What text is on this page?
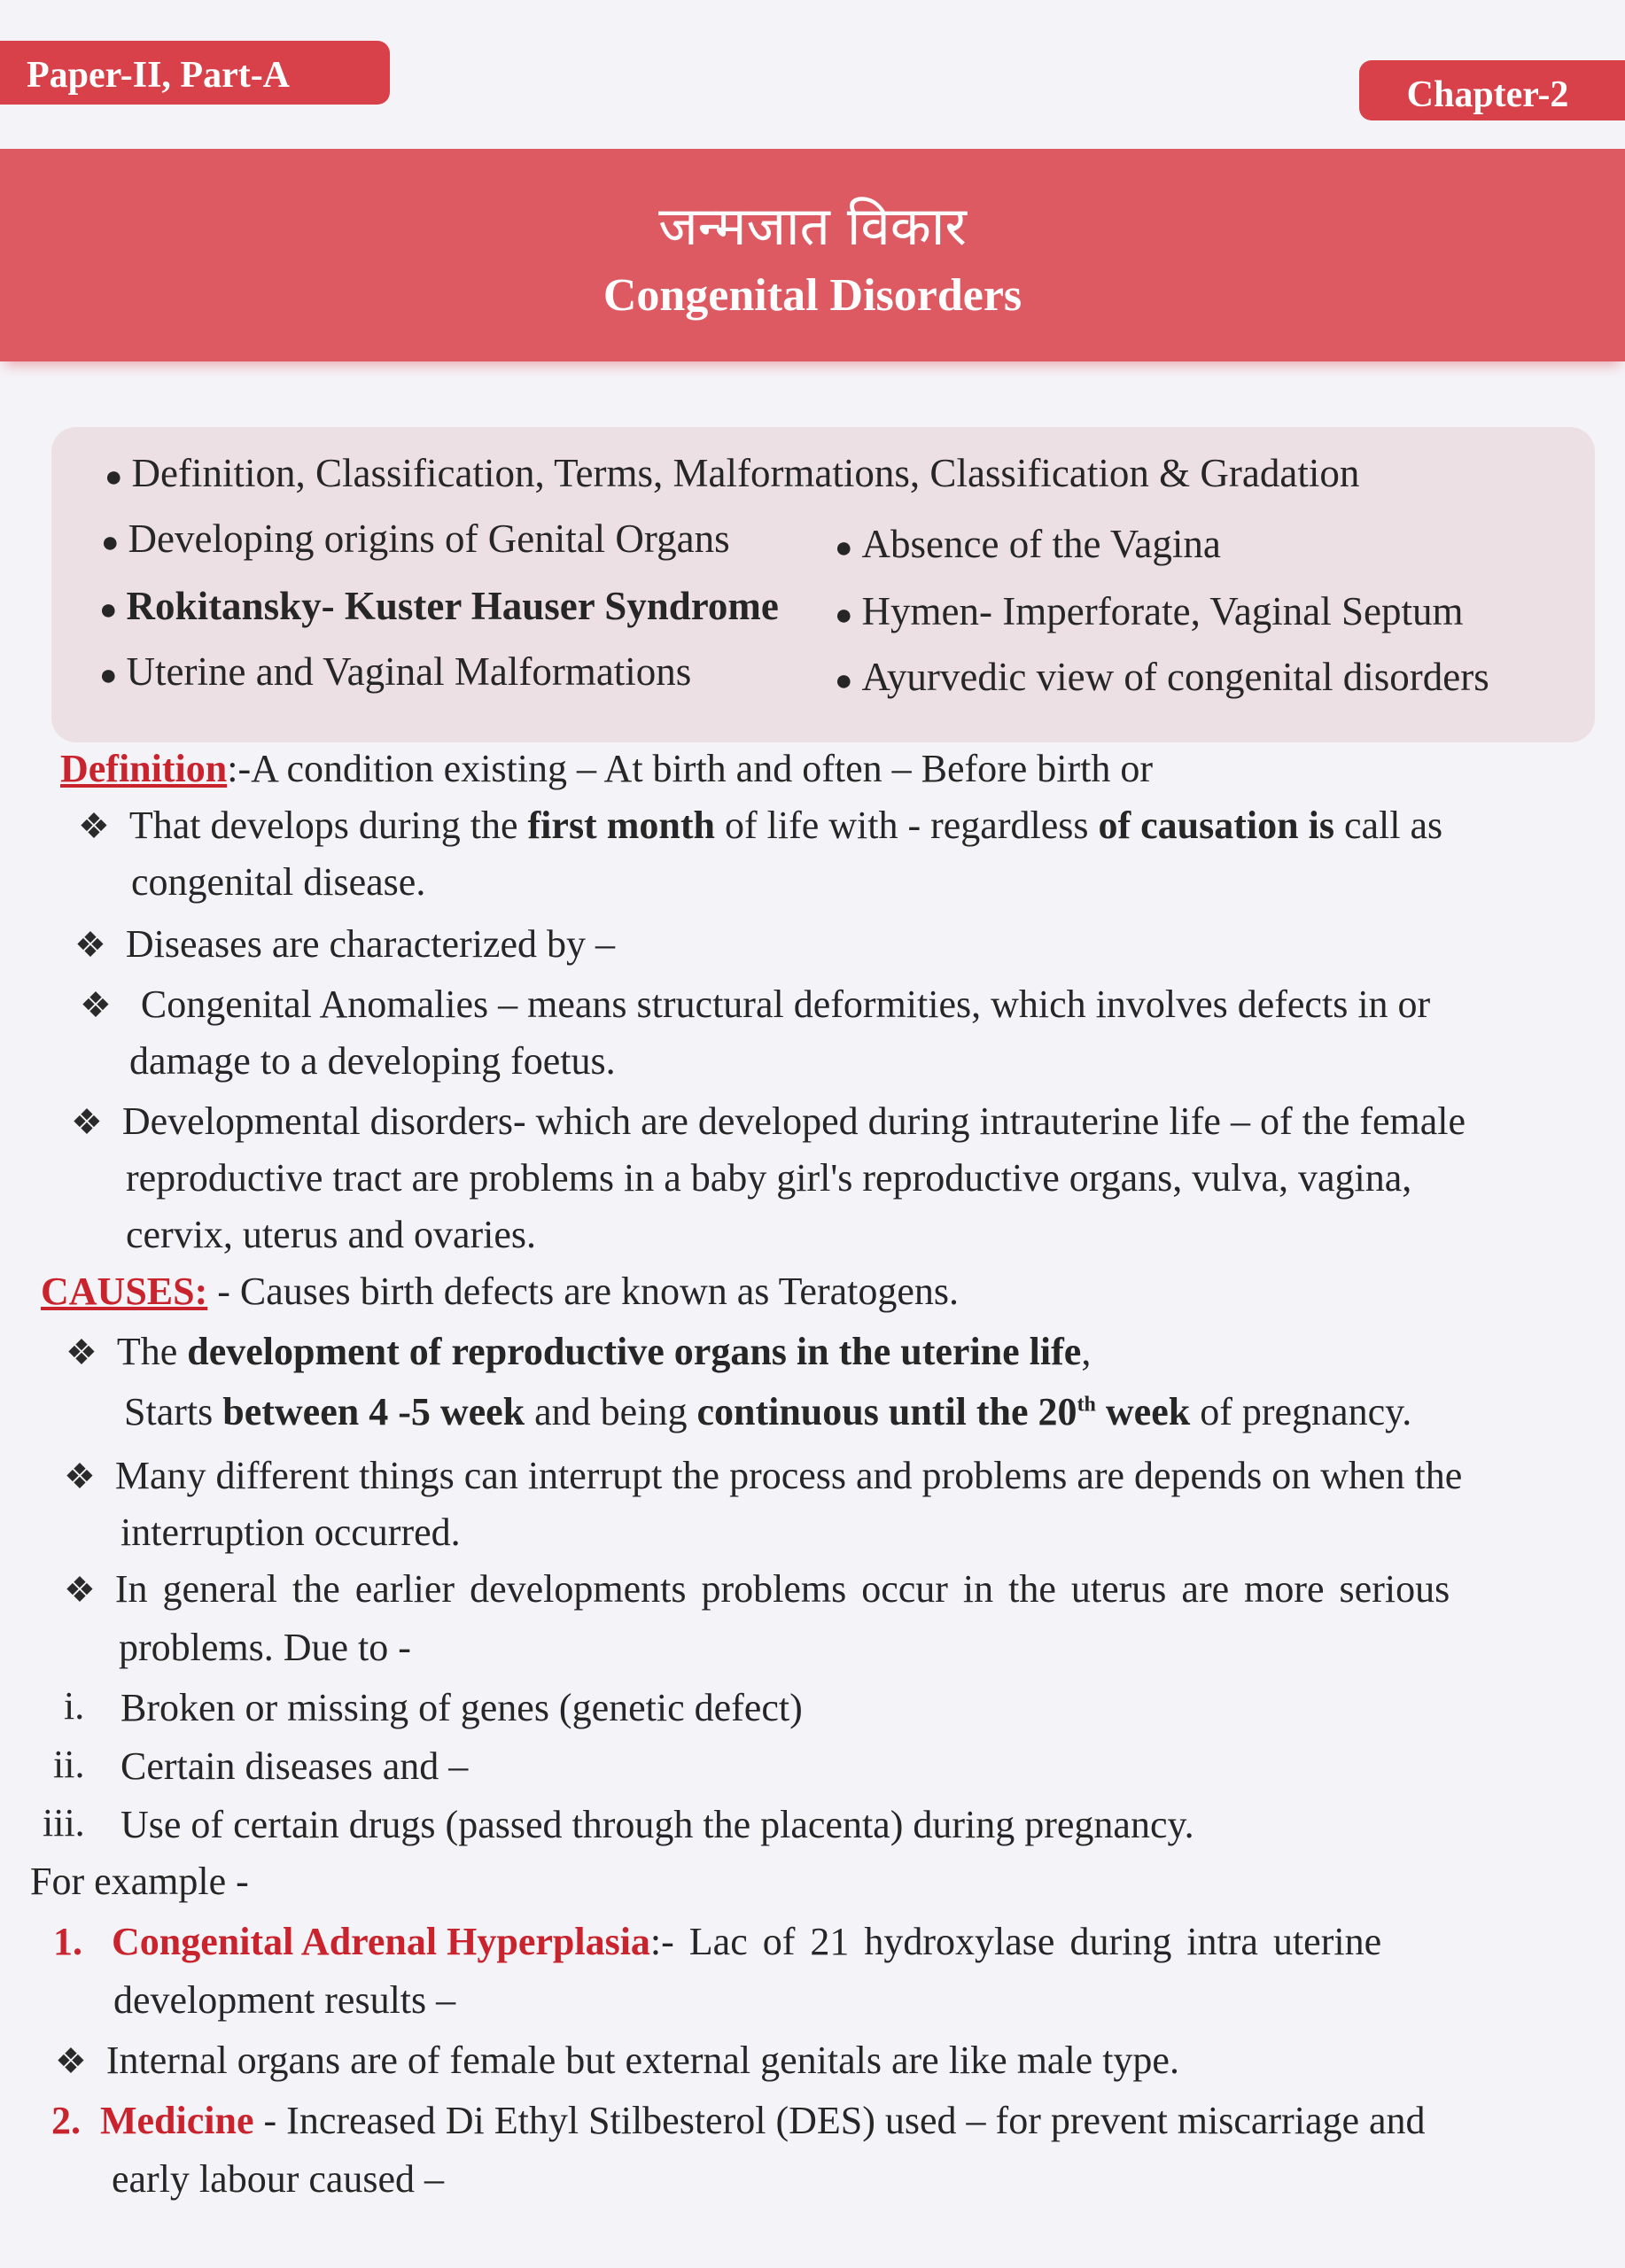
Paper-II, Part-A	Chapter-2
जन्मजात विकार
Congenital Disorders
● Definition, Classification, Terms, Malformations, Classification & Gradation
● Developing origins of Genital Organs	● Absence of the Vagina
● Rokitansky- Kuster Hauser Syndrome ● Hymen- Imperforate, Vaginal Septum
● Uterine and Vaginal Malformations	● Ayurvedic view of congenital disorders
Definition:-A condition existing – At birth and often – Before birth or
❖ That develops during the first month of life with - regardless of causation is call as
congenital disease.
❖ Diseases are characterized by –
❖ Congenital Anomalies – means structural deformities, which involves defects in or
damage to a developing foetus.
❖ Developmental disorders- which are developed during intrauterine life – of the female
reproductive tract are problems in a baby girl's reproductive organs, vulva, vagina,
cervix, uterus and ovaries.
CAUSES: - Causes birth defects are known as Teratogens.
❖ The development of reproductive organs in the uterine life,
Starts between 4 -5 week and being continuous until the 20th week of pregnancy.
❖ Many different things can interrupt the process and problems are depends on when the
interruption occurred.
❖ In general the earlier developments problems occur in the uterus are more serious
problems. Due to -
i. Broken or missing of genes (genetic defect)
ii. Certain diseases and –
iii. Use of certain drugs (passed through the placenta) during pregnancy.
For example -
1. Congenital Adrenal Hyperplasia:- Lac of 21 hydroxylase during intra uterine
development results –
❖ Internal organs are of female but external genitals are like male type.
2. Medicine - Increased Di Ethyl Stilbesterol (DES) used – for prevent miscarriage and
early labour caused –
